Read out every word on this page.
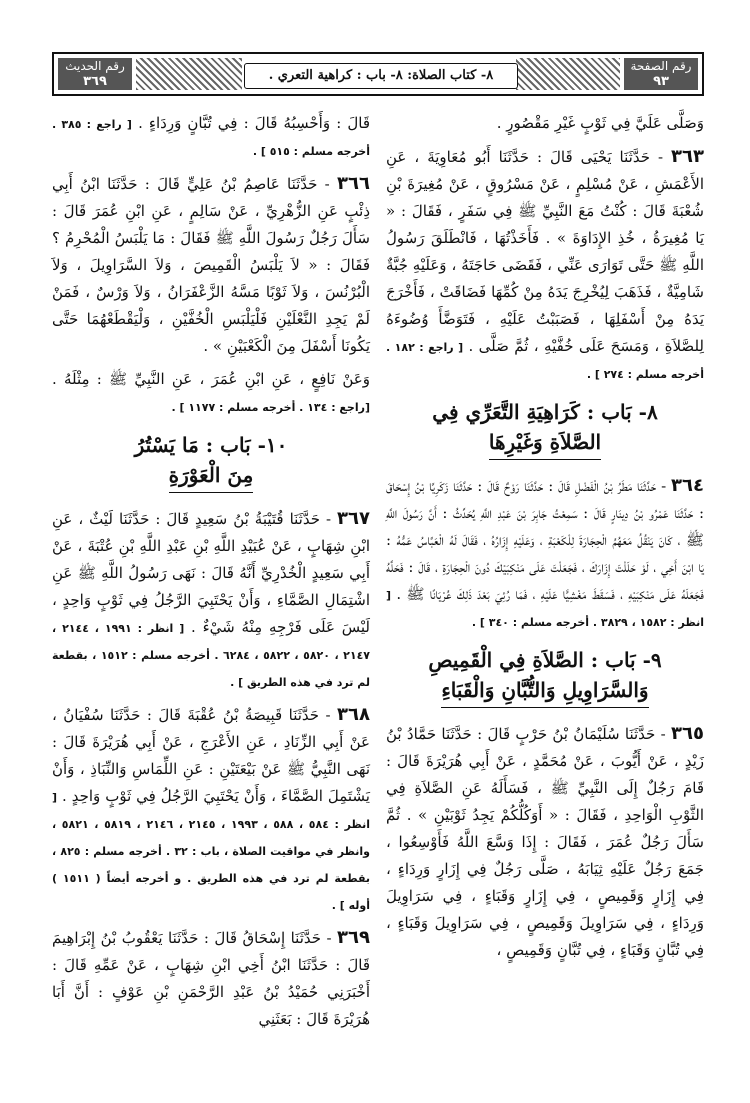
رقم الصفحة
٩٣
٨- كتاب الصلاة: ٨- باب : كراهية التعري .
رقم الحديث
٣٦٩

وَصَلَّى عَلَيَّ فِي ثَوْبٍ غَيْرِ مَقْصُورٍ .

٣٦٣ - حَدَّثَنَا يَحْيَى قَالَ : حَدَّثَنَا أَبُو مُعَاوِيَةَ ، عَنِ الأَعْمَشِ ، عَنْ مُسْلِمٍ ، عَنْ مَسْرُوقٍ ، عَنْ مُغِيرَةَ بْنِ شُعْبَةَ قَالَ : كُنْتُ مَعَ النَّبِيِّ ﷺ فِي سَفَرٍ ، فَقَالَ : « يَا مُغِيرَةُ ، خُذِ الإِدَاوَةَ » . فَأَخَذْتُهَا ، فَانْطَلَقَ رَسُولُ اللَّهِ ﷺ حَتَّى تَوَارَى عَنِّي ، فَقَضَى حَاجَتَهُ ، وَعَلَيْهِ جُبَّةٌ شَامِيَّةٌ ، فَذَهَبَ لِيُخْرِجَ يَدَهُ مِنْ كُمِّهَا فَضَاقَتْ ، فَأَخْرَجَ يَدَهُ مِنْ أَسْفَلِهَا ، فَصَبَبْتُ عَلَيْهِ ، فَتَوَضَّأَ وُضُوءَهُ لِلصَّلاَةِ ، وَمَسَحَ عَلَى خُفَّيْهِ ، ثُمَّ صَلَّى . [ راجع : ١٨٢ . أخرجه مسلم : ٢٧٤ ] .

٨- بَاب : كَرَاهِيَةِ التَّعَرِّي فِي
الصَّلاَةِ وَغَيْرِهَا

٣٦٤ - حَدَّثَنَا مَطَرُ بْنُ الْفَضْلِ قَالَ : حَدَّثَنَا رَوْحٌ قَالَ : حَدَّثَنَا زَكَرِيَّا بْنُ إِسْحَاقَ : حَدَّثَنَا عَمْرُو بْنُ دِينَارٍ قَالَ : سَمِعْتُ جَابِرَ بْنَ عَبْدِ اللَّهِ يُحَدِّثُ : أَنَّ رَسُولَ اللَّهِ ﷺ ، كَانَ يَنْقُلُ مَعَهُمُ الْحِجَارَةَ لِلْكَعْبَةِ ، وَعَلَيْهِ إِزَارُهُ ، فَقَالَ لَهُ الْعَبَّاسُ عَمُّهُ : يَا ابْنَ أَخِي ، لَوْ حَلَلْتَ إِزَارَكَ ، فَجَعَلْتَ عَلَى مَنْكِبَيْكَ دُونَ الْحِجَارَةِ ، قَالَ : فَحَلَّهُ فَجَعَلَهُ عَلَى مَنْكِبَيْهِ ، فَسَقَطَ مَغْشِيًّا عَلَيْهِ ، فَمَا رُئِيَ بَعْدَ ذَلِكَ عُرْيَانًا ﷺ . [ انظر : ١٥٨٢ ، ٣٨٢٩ . أخرجه مسلم : ٣٤٠ ] .

٩- بَاب : الصَّلاَةِ فِي الْقَمِيصِ
وَالسَّرَاوِيلِ وَالتُّبَّانِ وَالْقَبَاءِ

٣٦٥ - حَدَّثَنَا سُلَيْمَانُ بْنُ حَرْبٍ قَالَ : حَدَّثَنَا حَمَّادُ بْنُ زَيْدٍ ، عَنْ أَيُّوبَ ، عَنْ مُحَمَّدٍ ، عَنْ أَبِي هُرَيْرَةَ قَالَ : قَامَ رَجُلٌ إِلَى النَّبِيِّ ﷺ ، فَسَأَلَهُ عَنِ الصَّلاَةِ فِي الثَّوْبِ الْوَاحِدِ ، فَقَالَ : « أَوَكُلُّكُمْ يَجِدُ ثَوْبَيْنِ » . ثُمَّ سَأَلَ رَجُلٌ عُمَرَ ، فَقَالَ : إِذَا وَسَّعَ اللَّهُ فَأَوْسِعُوا ، جَمَعَ رَجُلٌ عَلَيْهِ ثِيَابَهُ ، صَلَّى رَجُلٌ فِي إِزَارٍ وَرِدَاءٍ ، فِي إِزَارٍ وَقَمِيصٍ ، فِي إِزَارٍ وَقَبَاءٍ ، فِي سَرَاوِيلَ وَرِدَاءٍ ، فِي سَرَاوِيلَ وَقَمِيصٍ ، فِي سَرَاوِيلَ وَقَبَاءٍ ، فِي تُبَّانٍ وَقَبَاءٍ ، فِي تُبَّانٍ وَقَمِيصٍ ،

قَالَ : وَأَحْسِبُهُ قَالَ : فِي تُبَّانٍ وَرِدَاءٍ . [ راجع : ٣٨٥ . أخرجه مسلم : ٥١٥ ] .

٣٦٦ - حَدَّثَنَا عَاصِمُ بْنُ عَلِيٍّ قَالَ : حَدَّثَنَا ابْنُ أَبِي ذِئْبٍ عَنِ الزُّهْرِيِّ ، عَنْ سَالِمٍ ، عَنِ ابْنِ عُمَرَ قَالَ : سَأَلَ رَجُلٌ رَسُولَ اللَّهِ ﷺ فَقَالَ : مَا يَلْبَسُ الْمُحْرِمُ ؟ فَقَالَ : « لاَ يَلْبَسُ الْقَمِيصَ ، وَلاَ السَّرَاوِيلَ ، وَلاَ الْبُرْنُسَ ، وَلاَ ثَوْبًا مَسَّهُ الزَّعْفَرَانُ ، وَلاَ وَرْسٌ ، فَمَنْ لَمْ يَجِدِ النَّعْلَيْنِ فَلْيَلْبَسِ الْخُفَّيْنِ ، وَلْيَقْطَعْهُمَا حَتَّى يَكُونَا أَسْفَلَ مِنَ الْكَعْبَيْنِ » .

وَعَنْ نَافِعٍ ، عَنِ ابْنِ عُمَرَ ، عَنِ النَّبِيِّ ﷺ : مِثْلَهُ . [راجع : ١٣٤ . أخرجه مسلم : ١١٧٧ ] .

١٠- بَاب : مَا يَسْتُرُ
مِنَ الْعَوْرَةِ

٣٦٧ - حَدَّثَنَا قُتَيْبَةُ بْنُ سَعِيدٍ قَالَ : حَدَّثَنَا لَيْثٌ ، عَنِ ابْنِ شِهَابٍ ، عَنْ عُبَيْدِ اللَّهِ بْنِ عَبْدِ اللَّهِ بْنِ عُتْبَةَ ، عَنْ أَبِي سَعِيدٍ الْخُدْرِيِّ أَنَّهُ قَالَ : نَهَى رَسُولُ اللَّهِ ﷺ عَنِ اشْتِمَالِ الصَّمَّاءِ ، وَأَنْ يَحْتَبِيَ الرَّجُلُ فِي ثَوْبٍ وَاحِدٍ ، لَيْسَ عَلَى فَرْجِهِ مِنْهُ شَيْءٌ . [ انظر : ١٩٩١ ، ٢١٤٤ ، ٢١٤٧ ، ٥٨٢٠ ، ٥٨٢٢ ، ٦٢٨٤ . أخرجه مسلم : ١٥١٢ ، بقطعة لم ترد في هذه الطريق ] .

٣٦٨ - حَدَّثَنَا قَبِيصَةُ بْنُ عُقْبَةَ قَالَ : حَدَّثَنَا سُفْيَانُ ، عَنْ أَبِي الزِّنَادِ ، عَنِ الأَعْرَجِ ، عَنْ أَبِي هُرَيْرَةَ قَالَ : نَهَى النَّبِيُّ ﷺ عَنْ بَيْعَتَيْنِ : عَنِ اللِّمَاسِ وَالنِّبَاذِ ، وَأَنْ يَشْتَمِلَ الصَّمَّاءَ ، وَأَنْ يَحْتَبِيَ الرَّجُلُ فِي ثَوْبٍ وَاحِدٍ . [ انظر : ٥٨٤ ، ٥٨٨ ، ١٩٩٣ ، ٢١٤٥ ، ٢١٤٦ ، ٥٨١٩ ، ٥٨٢١ ، وانظر في مواقيت الصلاة ، باب : ٣٢ . أخرجه مسلم : ٨٢٥ ، بقطعة لم ترد في هذه الطريق . و أخرجه أيضاً ( ١٥١١ ) أوله ] .

٣٦٩ - حَدَّثَنَا إِسْحَاقُ قَالَ : حَدَّثَنَا يَعْقُوبُ بْنُ إِبْرَاهِيمَ قَالَ : حَدَّثَنَا ابْنُ أَخِي ابْنِ شِهَابٍ ، عَنْ عَمِّهِ قَالَ : أَخْبَرَنِي حُمَيْدُ بْنُ عَبْدِ الرَّحْمَنِ بْنِ عَوْفٍ : أَنَّ أَبَا هُرَيْرَةَ قَالَ : بَعَثَنِي
